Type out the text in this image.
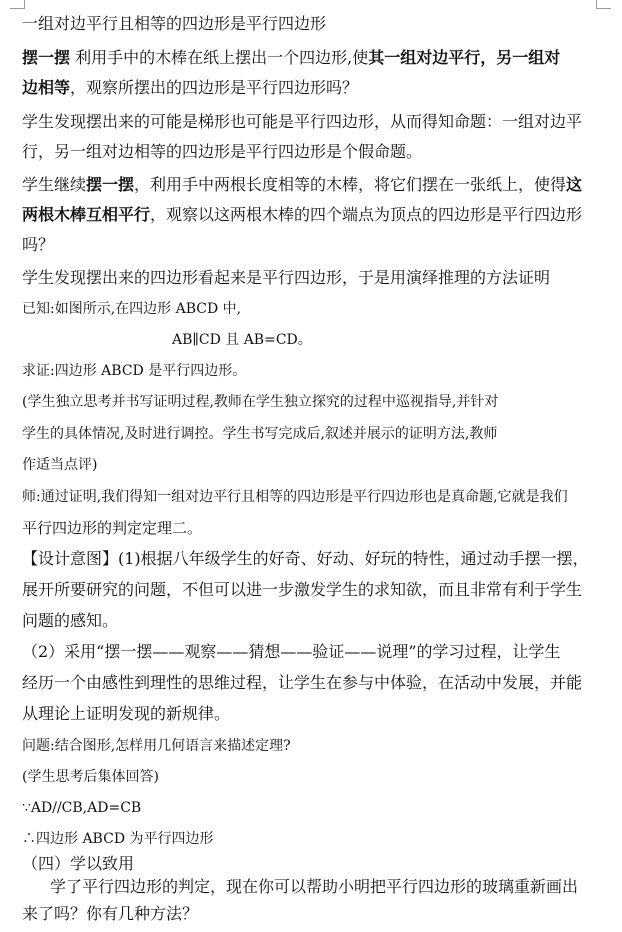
一组对边平行且相等的四边形是平行四边形
摆一摆 利用手中的木棒在纸上摆出一个四边形,使其一组对边平行，另一组对
边相等，观察所摆出的四边形是平行四边形吗？
学生发现摆出来的可能是梯形也可能是平行四边形，从而得知命题：一组对边平
行，另一组对边相等的四边形是平行四边形是个假命题。
学生继续摆一摆，利用手中两根长度相等的木棒，将它们摆在一张纸上，使得这
两根木棒互相平行，观察以这两根木棒的四个端点为顶点的四边形是平行四边形
吗？
学生发现摆出来的四边形看起来是平行四边形，于是用演绎推理的方法证明
已知:如图所示,在四边形 ABCD 中,
AB∥CD 且 AB=CD。
求证:四边形 ABCD 是平行四边形。
(学生独立思考并书写证明过程,教师在学生独立探究的过程中巡视指导,并针对
学生的具体情况,及时进行调控。学生书写完成后,叙述并展示的证明方法,教师
作适当点评)
师:通过证明,我们得知一组对边平行且相等的四边形是平行四边形也是真命题,它就是我们
平行四边形的判定定理二。
【设计意图】(1)根据八年级学生的好奇、好动、好玩的特性，通过动手摆一摆，
展开所要研究的问题，不但可以进一步激发学生的求知欲，而且非常有利于学生
问题的感知。
（2）采用“摆一摆——观察——猜想——验证——说理”的学习过程，让学生
经历一个由感性到理性的思维过程，让学生在参与中体验，在活动中发展，并能
从理论上证明发现的新规律。
问题:结合图形,怎样用几何语言来描述定理?
(学生思考后集体回答)
∵AD//CB,AD=CB
∴四边形 ABCD 为平行四边形
（四）学以致用
学了平行四边形的判定，现在你可以帮助小明把平行四边形的玻璃重新画出
来了吗？你有几种方法？
